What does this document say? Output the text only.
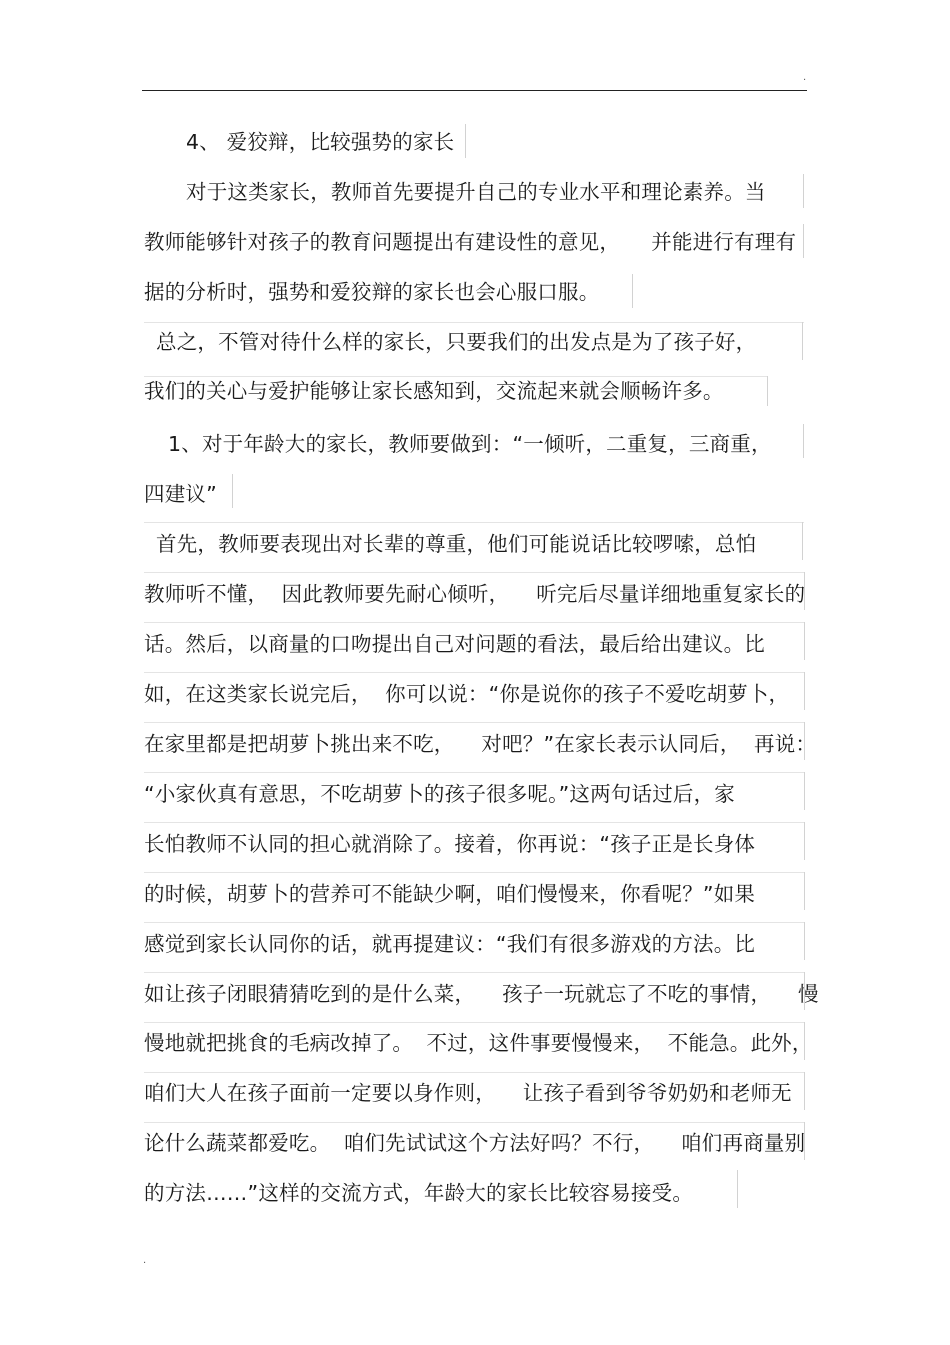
.
4、 爱狡辩，比较强势的家长
对于这类家长，教师首先要提升自己的专业水平和理论素养。当
教师能够针对孩子的教育问题提出有建设性的意见，　　并能进行有理有
据的分析时，强势和爱狡辩的家长也会心服口服。
总之，不管对待什么样的家长，只要我们的出发点是为了孩子好，
我们的关心与爱护能够让家长感知到，交流起来就会顺畅许多。
1、对于年龄大的家长，教师要做到：“一倾听，二重复，三商重，
四建议”
首先，教师要表现出对长辈的尊重，他们可能说话比较啰嗦，总怕
教师听不懂，  因此教师要先耐心倾听，    听完后尽量详细地重复家长的
话。然后，以商量的口吻提出自己对问题的看法，最后给出建议。比
如，在这类家长说完后，  你可以说：“你是说你的孩子不爱吃胡萝卜，
在家里都是把胡萝卜挑出来不吃，    对吧？”在家长表示认同后，  再说：
“小家伙真有意思，不吃胡萝卜的孩子很多呢。”这两句话过后，家
长怕教师不认同的担心就消除了。接着，你再说：“孩子正是长身体
的时候，胡萝卜的营养可不能缺少啊，咱们慢慢来，你看呢？”如果
感觉到家长认同你的话，就再提建议：“我们有很多游戏的方法。比
如让孩子闭眼猜猜吃到的是什么菜，    孩子一玩就忘了不吃的事情，    慢
慢地就把挑食的毛病改掉了。  不过，这件事要慢慢来，  不能急。此外，
咱们大人在孩子面前一定要以身作则，    让孩子看到爷爷奶奶和老师无
论什么蔬菜都爱吃。  咱们先试试这个方法好吗？不行，    咱们再商量别
的方法……”这样的交流方式，年龄大的家长比较容易接受。
.
